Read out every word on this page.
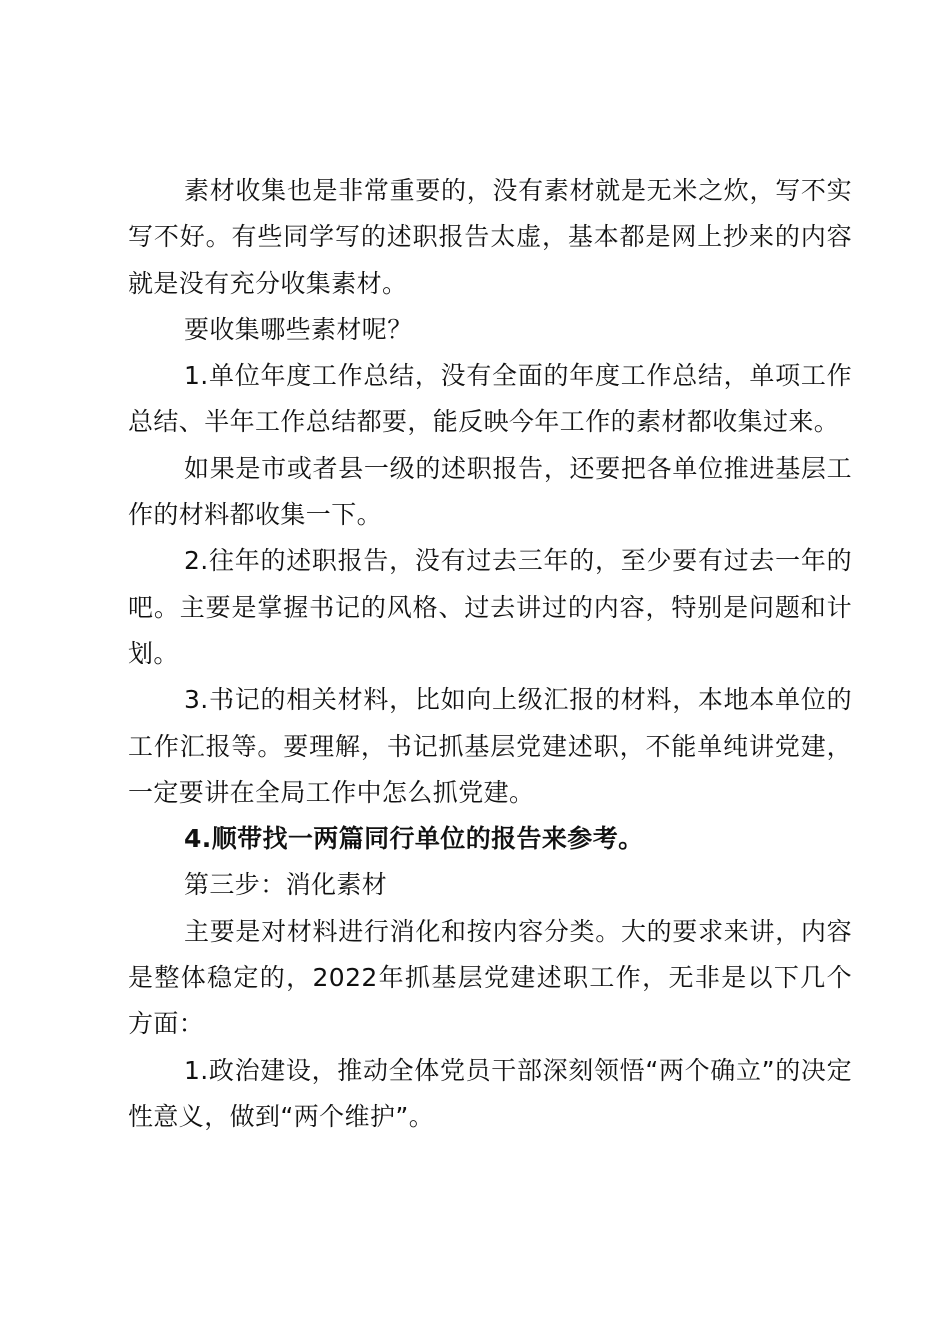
素材收集也是非常重要的，没有素材就是无米之炊，写不实写不好。有些同学写的述职报告太虚，基本都是网上抄来的内容就是没有充分收集素材。

要收集哪些素材呢？

1.单位年度工作总结，没有全面的年度工作总结，单项工作总结、半年工作总结都要，能反映今年工作的素材都收集过来。

如果是市或者县一级的述职报告，还要把各单位推进基层工作的材料都收集一下。

2.往年的述职报告，没有过去三年的，至少要有过去一年的吧。主要是掌握书记的风格、过去讲过的内容，特别是问题和计划。

3.书记的相关材料，比如向上级汇报的材料，本地本单位的工作汇报等。要理解，书记抓基层党建述职，不能单纯讲党建，一定要讲在全局工作中怎么抓党建。

4.顺带找一两篇同行单位的报告来参考。

第三步：消化素材

主要是对材料进行消化和按内容分类。大的要求来讲，内容是整体稳定的，2022年抓基层党建述职工作，无非是以下几个方面：

1.政治建设，推动全体党员干部深刻领悟“两个确立”的决定性意义，做到“两个维护”。
